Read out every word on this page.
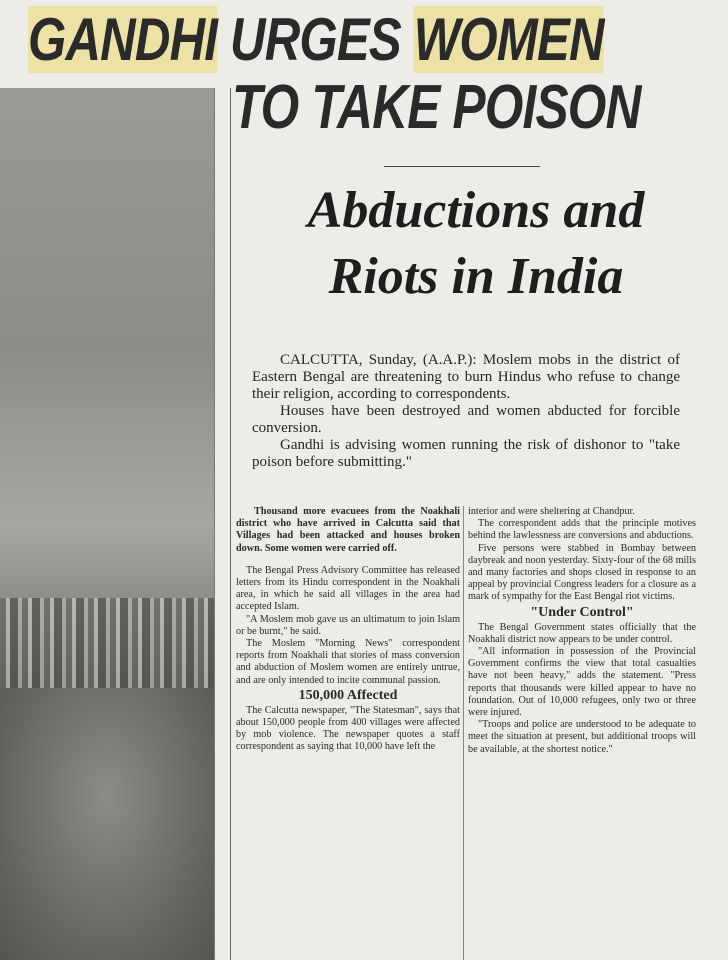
GANDHI URGES WOMEN
TO TAKE POISON
Abductions and
Riots in India

CALCUTTA, Sunday, (A.A.P.): Moslem mobs in the district of Eastern Bengal are threatening to burn Hindus who refuse to change their religion, according to correspondents.

Houses have been destroyed and women abducted for forcible conversion.

Gandhi is advising women running the risk of dishonor to "take poison before submitting."

Thousand more evacuees from the Noakhali district who have arrived in Calcutta said that Villages had been attacked and houses broken down. Some women were carried off.

The Bengal Press Advisory Committee has released letters from its Hindu correspondent in the Noakhali area, in which he said all villages in the area had accepted Islam.

"A Moslem mob gave us an ultimatum to join Islam or be burnt," he said.

The Moslem "Morning News" correspondent reports from Noakhali that stories of mass conversion and abduction of Moslem women are entirely untrue, and are only intended to incite communal passion.

150,000 Affected

The Calcutta newspaper, "The Statesman", says that about 150,000 people from 400 villages were affected by mob violence. The newspaper quotes a staff correspondent as saying that 10,000 have left the

interior and were sheltering at Chandpur.

The correspondent adds that the principle motives behind the lawlessness are conversions and abductions.

Five persons were stabbed in Bombay between daybreak and noon yesterday. Sixty-four of the 68 mills and many factories and shops closed in response to an appeal by provincial Congress leaders for a closure as a mark of sympathy for the East Bengal riot victims.

"Under Control"

The Bengal Government states officially that the Noakhali district now appears to be under control.

"All information in possession of the Provincial Government confirms the view that total casualties have not been heavy," adds the statement. "Press reports that thousands were killed appear to have no foundation. Out of 10,000 refugees, only two or three were injured.

"Troops and police are understood to be adequate to meet the situation at present, but additional troops will be available, at the shortest notice."
